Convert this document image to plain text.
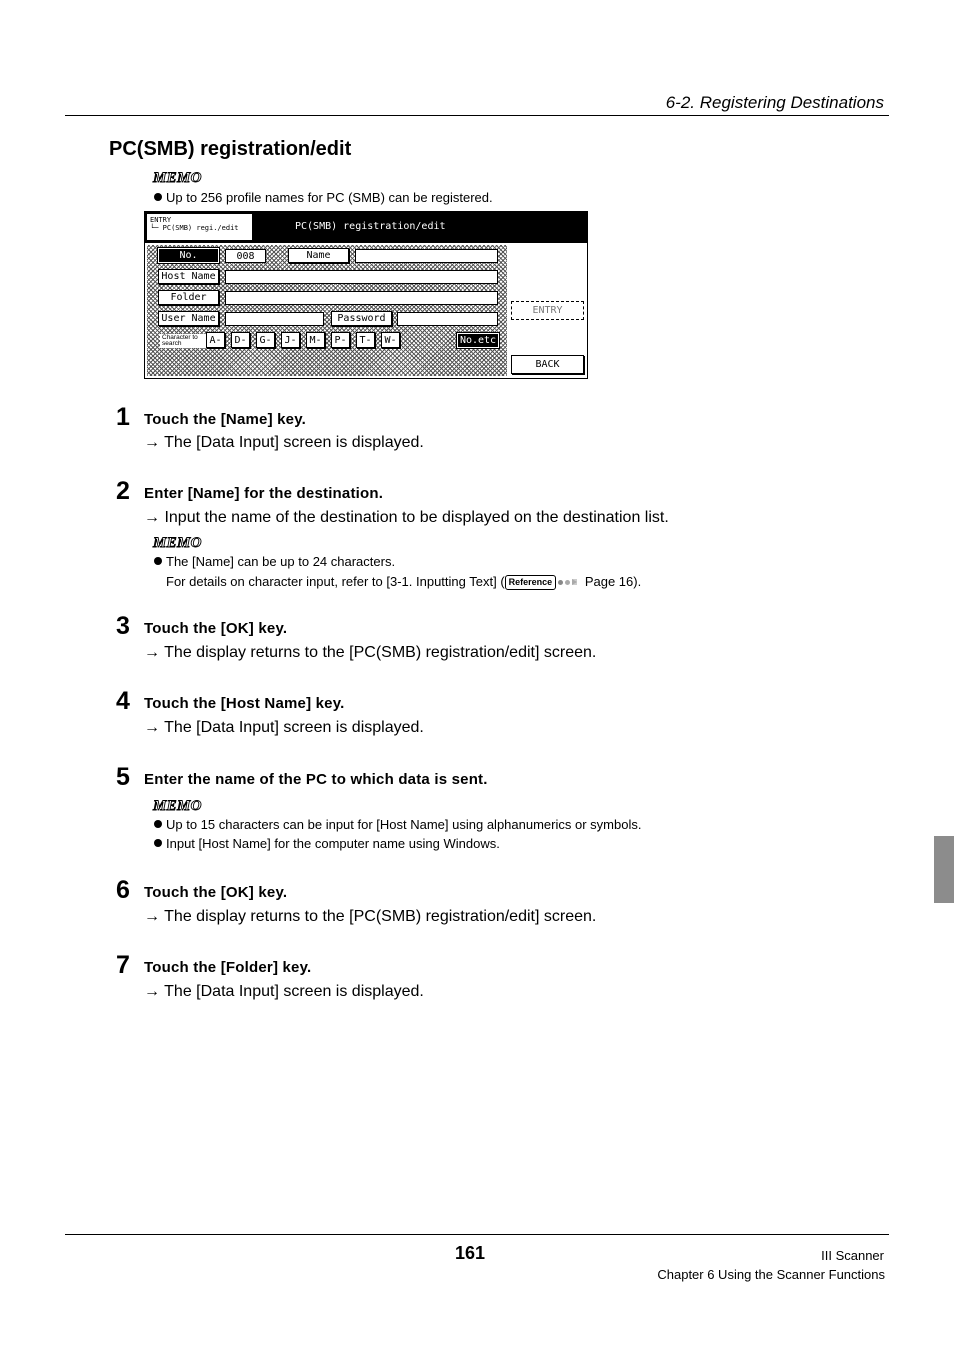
6-2. Registering Destinations
PC(SMB) registration/edit
MEMO
Up to 256 profile names for PC (SMB) can be registered.
ENTRY
└─ PC(SMB) regi./edit	PC(SMB) registration/edit
No.	008	Name
Host Name
Folder
User Name	Password
Character to search	A-	D-	G-	J-	M-	P-	T-	W-	No.etc
ENTRY
BACK
1 Touch the [Name] key.
→ The [Data Input] screen is displayed.
2 Enter [Name] for the destination.
→ Input the name of the destination to be displayed on the destination list.
MEMO
The [Name] can be up to 24 characters.
For details on character input, refer to [3-1. Inputting Text] ( Reference	Page 16).
3 Touch the [OK] key.
→ The display returns to the [PC(SMB) registration/edit] screen.
4 Touch the [Host Name] key.
→ The [Data Input] screen is displayed.
5 Enter the name of the PC to which data is sent.
MEMO
Up to 15 characters can be input for [Host Name] using alphanumerics or symbols.
Input [Host Name] for the computer name using Windows.
6 Touch the [OK] key.
→ The display returns to the [PC(SMB) registration/edit] screen.
7 Touch the [Folder] key.
→ The [Data Input] screen is displayed.
161	III Scanner
Chapter 6 Using the Scanner Functions
